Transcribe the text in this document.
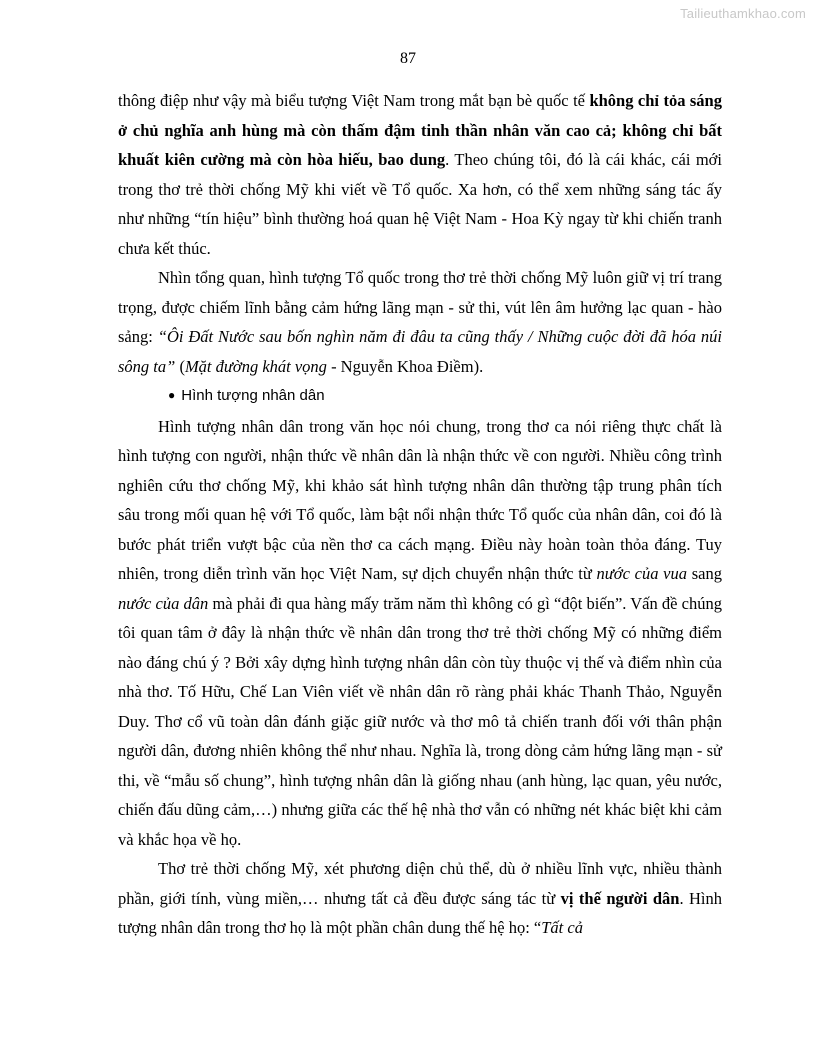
Tailieuthamkhao.com
87

thông điệp như vậy mà biểu tượng Việt Nam trong mắt bạn bè quốc tế không chỉ tỏa sáng ở chủ nghĩa anh hùng mà còn thấm đậm tinh thần nhân văn cao cả; không chỉ bất khuất kiên cường mà còn hòa hiếu, bao dung. Theo chúng tôi, đó là cái khác, cái mới trong thơ trẻ thời chống Mỹ khi viết về Tổ quốc. Xa hơn, có thể xem những sáng tác ấy như những “tín hiệu” bình thường hoá quan hệ Việt Nam - Hoa Kỳ ngay từ khi chiến tranh chưa kết thúc.

Nhìn tổng quan, hình tượng Tổ quốc trong thơ trẻ thời chống Mỹ luôn giữ vị trí trang trọng, được chiếm lĩnh bằng cảm hứng lãng mạn - sử thi, vút lên âm hưởng lạc quan - hào sảng: “Ôi Đất Nước sau bốn nghìn năm đi đâu ta cũng thấy / Những cuộc đời đã hóa núi sông ta” (Mặt đường khát vọng - Nguyễn Khoa Điềm).

● Hình tượng nhân dân

Hình tượng nhân dân trong văn học nói chung, trong thơ ca nói riêng thực chất là hình tượng con người, nhận thức về nhân dân là nhận thức về con người. Nhiều công trình nghiên cứu thơ chống Mỹ, khi khảo sát hình tượng nhân dân thường tập trung phân tích sâu trong mối quan hệ với Tổ quốc, làm bật nổi nhận thức Tổ quốc của nhân dân, coi đó là bước phát triển vượt bậc của nền thơ ca cách mạng. Điều này hoàn toàn thỏa đáng. Tuy nhiên, trong diễn trình văn học Việt Nam, sự dịch chuyển nhận thức từ nước của vua sang nước của dân mà phải đi qua hàng mấy trăm năm thì không có gì “đột biến”. Vấn đề chúng tôi quan tâm ở đây là nhận thức về nhân dân trong thơ trẻ thời chống Mỹ có những điểm nào đáng chú ý ? Bởi xây dựng hình tượng nhân dân còn tùy thuộc vị thế và điểm nhìn của nhà thơ. Tố Hữu, Chế Lan Viên viết về nhân dân rõ ràng phải khác Thanh Thảo, Nguyễn Duy. Thơ cổ vũ toàn dân đánh giặc giữ nước và thơ mô tả chiến tranh đối với thân phận người dân, đương nhiên không thể như nhau. Nghĩa là, trong dòng cảm hứng lãng mạn - sử thi, về “mẫu số chung”, hình tượng nhân dân là giống nhau (anh hùng, lạc quan, yêu nước, chiến đấu dũng cảm,…) nhưng giữa các thế hệ nhà thơ vẫn có những nét khác biệt khi cảm và khắc họa về họ.

Thơ trẻ thời chống Mỹ, xét phương diện chủ thể, dù ở nhiều lĩnh vực, nhiều thành phần, giới tính, vùng miền,… nhưng tất cả đều được sáng tác từ vị thế người dân. Hình tượng nhân dân trong thơ họ là một phần chân dung thế hệ họ: “Tất cả
